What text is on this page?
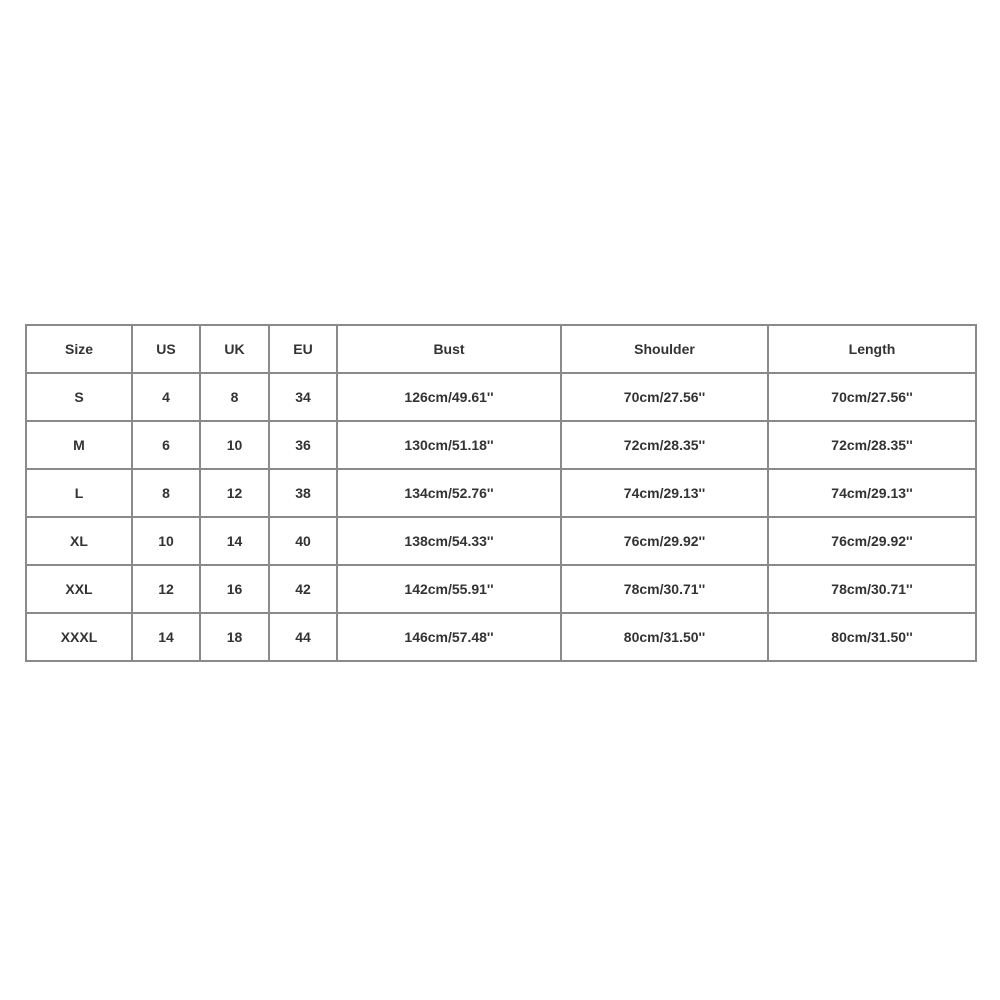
Size	US	UK	EU	Bust	Shoulder	Length
S	4	8	34	126cm/49.61''	70cm/27.56''	70cm/27.56''
M	6	10	36	130cm/51.18''	72cm/28.35''	72cm/28.35''
L	8	12	38	134cm/52.76''	74cm/29.13''	74cm/29.13''
XL	10	14	40	138cm/54.33''	76cm/29.92''	76cm/29.92''
XXL	12	16	42	142cm/55.91''	78cm/30.71''	78cm/30.71''
XXXL	14	18	44	146cm/57.48''	80cm/31.50''	80cm/31.50''
